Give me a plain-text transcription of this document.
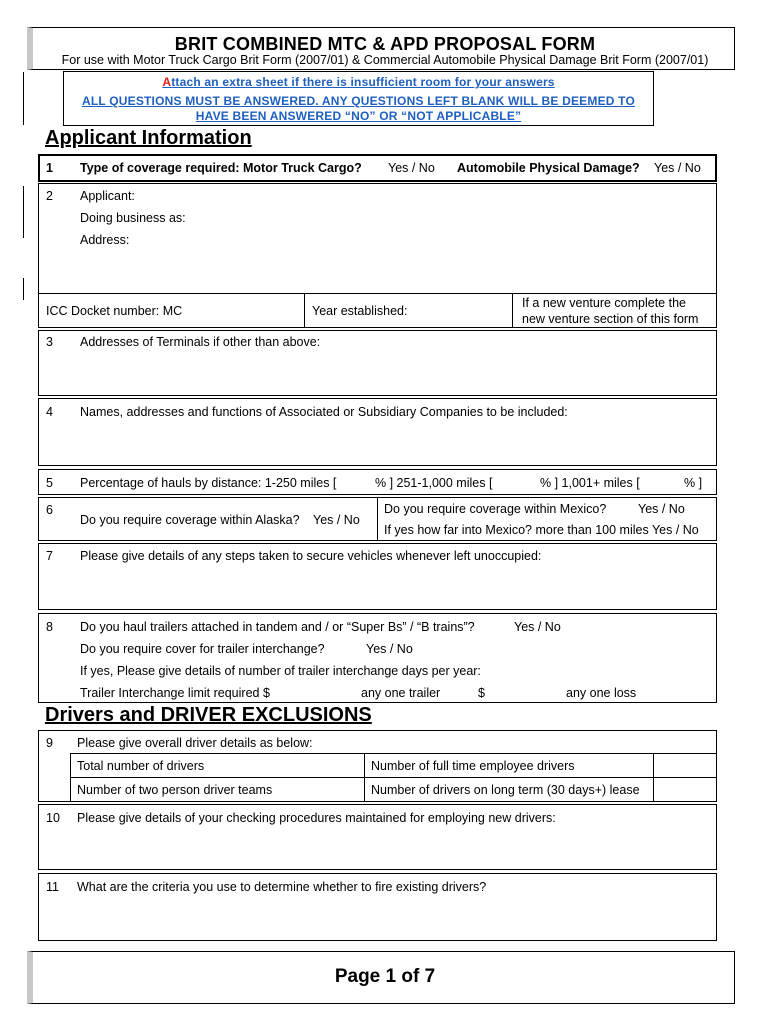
BRIT COMBINED MTC & APD PROPOSAL FORM
For use with Motor Truck Cargo Brit Form (2007/01) & Commercial Automobile Physical Damage Brit Form (2007/01)
Attach an extra sheet if there is insufficient room for your answers
ALL QUESTIONS MUST BE ANSWERED. ANY QUESTIONS LEFT BLANK WILL BE DEEMED TO
HAVE BEEN ANSWERED “NO” OR “NOT APPLICABLE”
Applicant Information
1 Type of coverage required: Motor Truck Cargo? Yes / No Automobile Physical Damage? Yes / No
2 Applicant:
Doing business as:
Address:
ICC Docket number: MC	Year established:
If a new venture complete the
new venture section of this form
3 Addresses of Terminals if other than above:
4 Names, addresses and functions of Associated or Subsidiary Companies to be included:
5 Percentage of hauls by distance: 1-250 miles [	% ] 251-1,000 miles [	% ] 1,001+ miles [	% ]
6
Do you require coverage within Alaska? Yes / No
Do you require coverage within Mexico?	Yes / No
If yes how far into Mexico? more than 100 miles Yes / No
7 Please give details of any steps taken to secure vehicles whenever left unoccupied:
8 Do you haul trailers attached in tandem and / or “Super Bs” / “B trains”?	Yes / No
Do you require cover for trailer interchange?	Yes / No
If yes, Please give details of number of trailer interchange days per year:
Trailer Interchange limit required $	any one trailer	$	any one loss
Drivers and DRIVER EXCLUSIONS
9 Please give overall driver details as below:
Total number of drivers	Number of full time employee drivers
Number of two person driver teams	Number of drivers on long term (30 days+) lease
10 Please give details of your checking procedures maintained for employing new drivers:
11 What are the criteria you use to determine whether to fire existing drivers?
Page 1 of 7
